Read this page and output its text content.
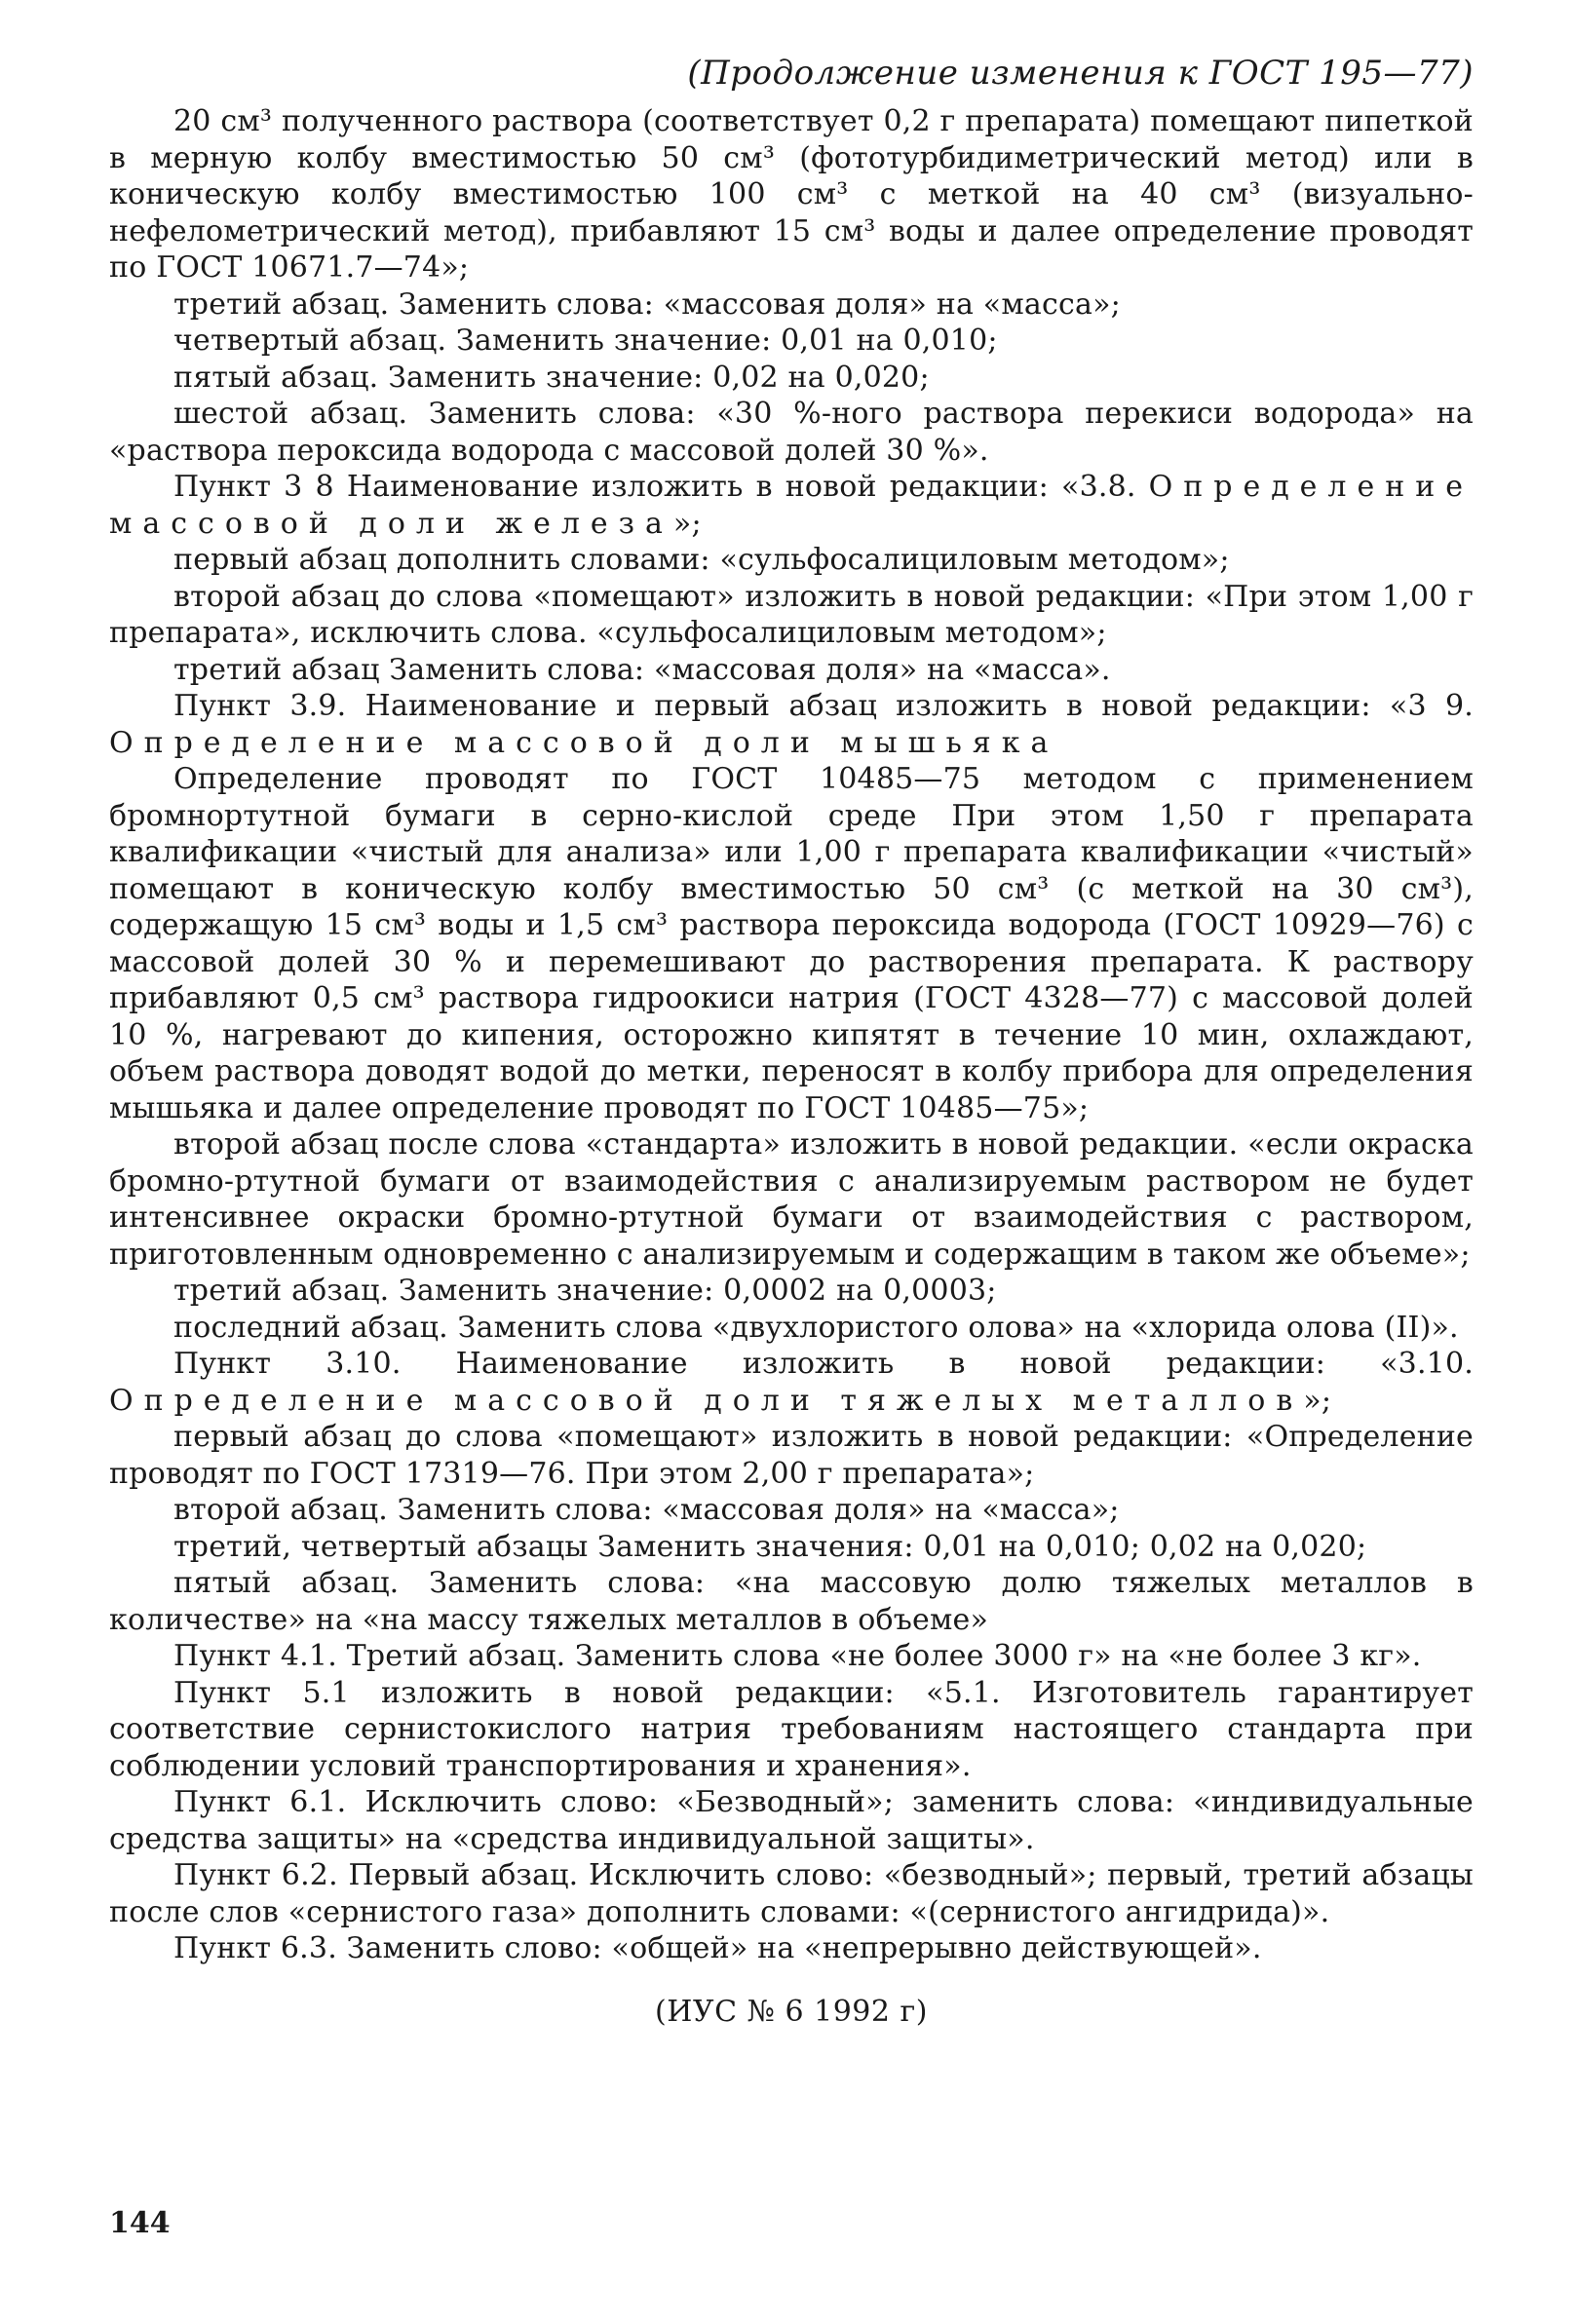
(Продолжение изменения к ГОСТ 195—77)

20 см³ полученного раствора (соответствует 0,2 г препарата) помещают пипеткой в мерную колбу вместимостью 50 см³ (фототурбидиметрический метод) или в коническую колбу вместимостью 100 см³ с меткой на 40 см³ (визуально-нефелометрический метод), прибавляют 15 см³ воды и далее определение проводят по ГОСТ 10671.7—74»;

третий абзац. Заменить слова: «массовая доля» на «масса»;

четвертый абзац. Заменить значение: 0,01 на 0,010;

пятый абзац. Заменить значение: 0,02 на 0,020;

шестой абзац. Заменить слова: «30 %-ного раствора перекиси водорода» на «раствора пероксида водорода с массовой долей 30 %».

Пункт 3 8 Наименование изложить в новой редакции: «3.8. Определение массовой доли железа»;

первый абзац дополнить словами: «сульфосалициловым методом»;

второй абзац до слова «помещают» изложить в новой редакции: «При этом 1,00 г препарата», исключить слова. «сульфосалициловым методом»;

третий абзац Заменить слова: «массовая доля» на «масса».

Пункт 3.9. Наименование и первый абзац изложить в новой редакции: «3 9. Определение массовой доли мышьяка

Определение проводят по ГОСТ 10485—75 методом с применением бромнортутной бумаги в серно-кислой среде При этом 1,50 г препарата квалификации «чистый для анализа» или 1,00 г препарата квалификации «чистый» помещают в коническую колбу вместимостью 50 см³ (с меткой на 30 см³), содержащую 15 см³ воды и 1,5 см³ раствора пероксида водорода (ГОСТ 10929—76) с массовой долей 30 % и перемешивают до растворения препарата. К раствору прибавляют 0,5 см³ раствора гидроокиси натрия (ГОСТ 4328—77) с массовой долей 10 %, нагревают до кипения, осторожно кипятят в течение 10 мин, охлаждают, объем раствора доводят водой до метки, переносят в колбу прибора для определения мышьяка и далее определение проводят по ГОСТ 10485—75»;

второй абзац после слова «стандарта» изложить в новой редакции. «если окраска бромно-ртутной бумаги от взаимодействия с анализируемым раствором не будет интенсивнее окраски бромно-ртутной бумаги от взаимодействия с раствором, приготовленным одновременно с анализируемым и содержащим в таком же объеме»;

третий абзац. Заменить значение: 0,0002 на 0,0003;

последний абзац. Заменить слова «двухлористого олова» на «хлорида олова (II)».

Пункт 3.10. Наименование изложить в новой редакции: «3.10. Определение массовой доли тяжелых металлов»;

первый абзац до слова «помещают» изложить в новой редакции: «Определение проводят по ГОСТ 17319—76. При этом 2,00 г препарата»;

второй абзац. Заменить слова: «массовая доля» на «масса»;

третий, четвертый абзацы Заменить значения: 0,01 на 0,010; 0,02 на 0,020;

пятый абзац. Заменить слова: «на массовую долю тяжелых металлов в количестве» на «на массу тяжелых металлов в объеме»

Пункт 4.1. Третий абзац. Заменить слова «не более 3000 г» на «не более 3 кг».

Пункт 5.1 изложить в новой редакции: «5.1. Изготовитель гарантирует соответствие сернистокислого натрия требованиям настоящего стандарта при соблюдении условий транспортирования и хранения».

Пункт 6.1. Исключить слово: «Безводный»; заменить слова: «индивидуальные средства защиты» на «средства индивидуальной защиты».

Пункт 6.2. Первый абзац. Исключить слово: «безводный»; первый, третий абзацы после слов «сернистого газа» дополнить словами: «(сернистого ангидрида)».

Пункт 6.3. Заменить слово: «общей» на «непрерывно действующей».

(ИУС № 6 1992 г)
144
